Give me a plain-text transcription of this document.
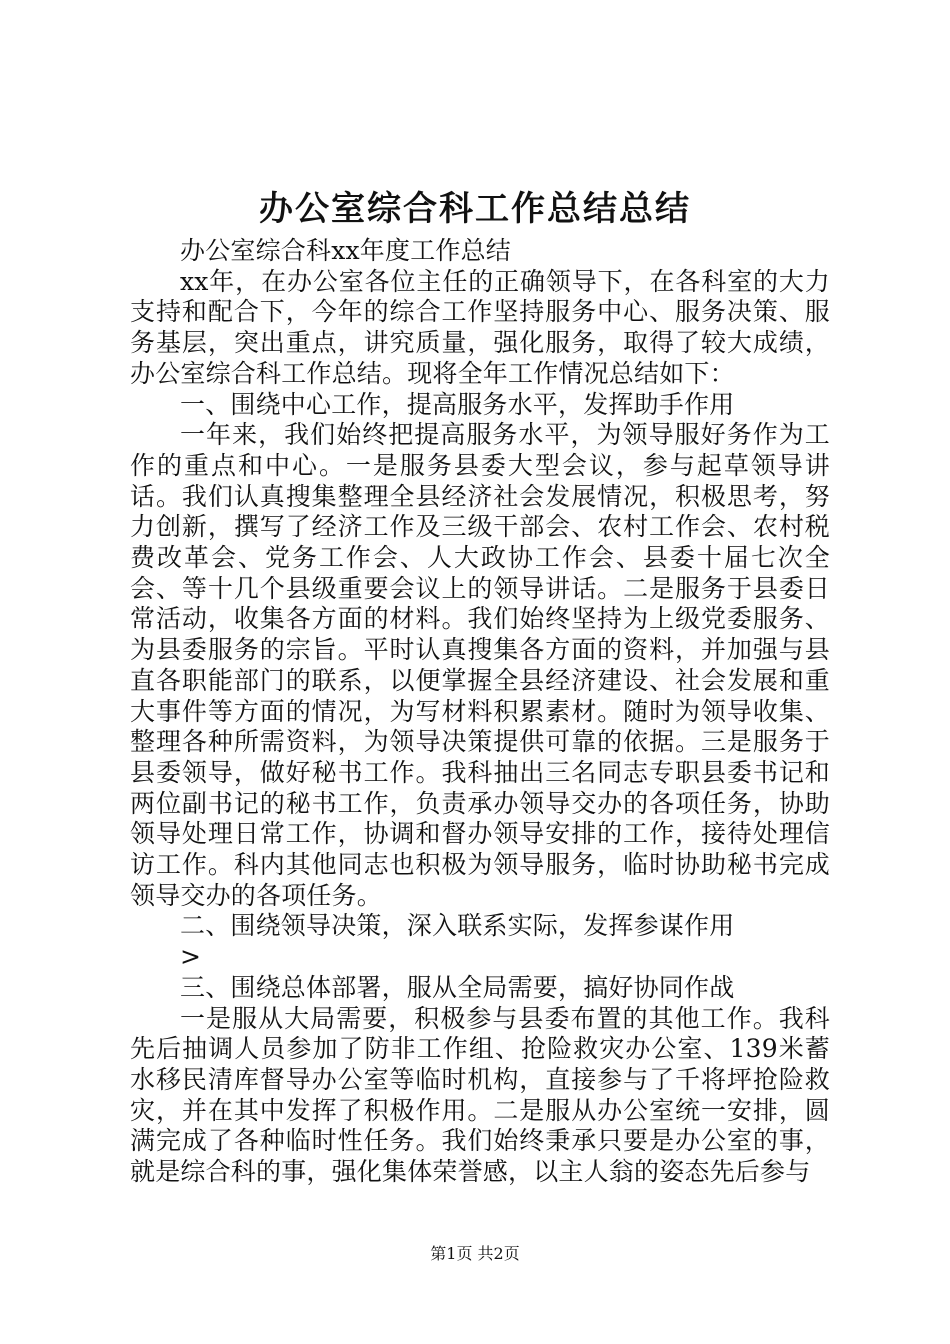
办公室综合科工作总结总结

办公室综合科xx年度工作总结

xx年，在办公室各位主任的正确领导下，在各科室的大力支持和配合下，今年的综合工作坚持服务中心、服务决策、服务基层，突出重点，讲究质量，强化服务，取得了较大成绩，办公室综合科工作总结。现将全年工作情况总结如下：

一、围绕中心工作，提高服务水平，发挥助手作用

一年来，我们始终把提高服务水平，为领导服好务作为工作的重点和中心。一是服务县委大型会议，参与起草领导讲话。我们认真搜集整理全县经济社会发展情况，积极思考，努力创新，撰写了经济工作及三级干部会、农村工作会、农村税费改革会、党务工作会、人大政协工作会、县委十届七次全会、等十几个县级重要会议上的领导讲话。二是服务于县委日常活动，收集各方面的材料。我们始终坚持为上级党委服务、为县委服务的宗旨。平时认真搜集各方面的资料，并加强与县直各职能部门的联系，以便掌握全县经济建设、社会发展和重大事件等方面的情况，为写材料积累素材。随时为领导收集、整理各种所需资料，为领导决策提供可靠的依据。三是服务于县委领导，做好秘书工作。我科抽出三名同志专职县委书记和两位副书记的秘书工作，负责承办领导交办的各项任务，协助领导处理日常工作，协调和督办领导安排的工作，接待处理信访工作。科内其他同志也积极为领导服务，临时协助秘书完成领导交办的各项任务。

二、围绕领导决策，深入联系实际，发挥参谋作用

>

三、围绕总体部署，服从全局需要，搞好协同作战

一是服从大局需要，积极参与县委布置的其他工作。我科先后抽调人员参加了防非工作组、抢险救灾办公室、139米蓄水移民清库督导办公室等临时机构，直接参与了千将坪抢险救灾，并在其中发挥了积极作用。二是服从办公室统一安排，圆满完成了各种临时性任务。我们始终秉承只要是办公室的事，就是综合科的事，强化集体荣誉感，以主人翁的姿态先后参与

第1页 共2页
